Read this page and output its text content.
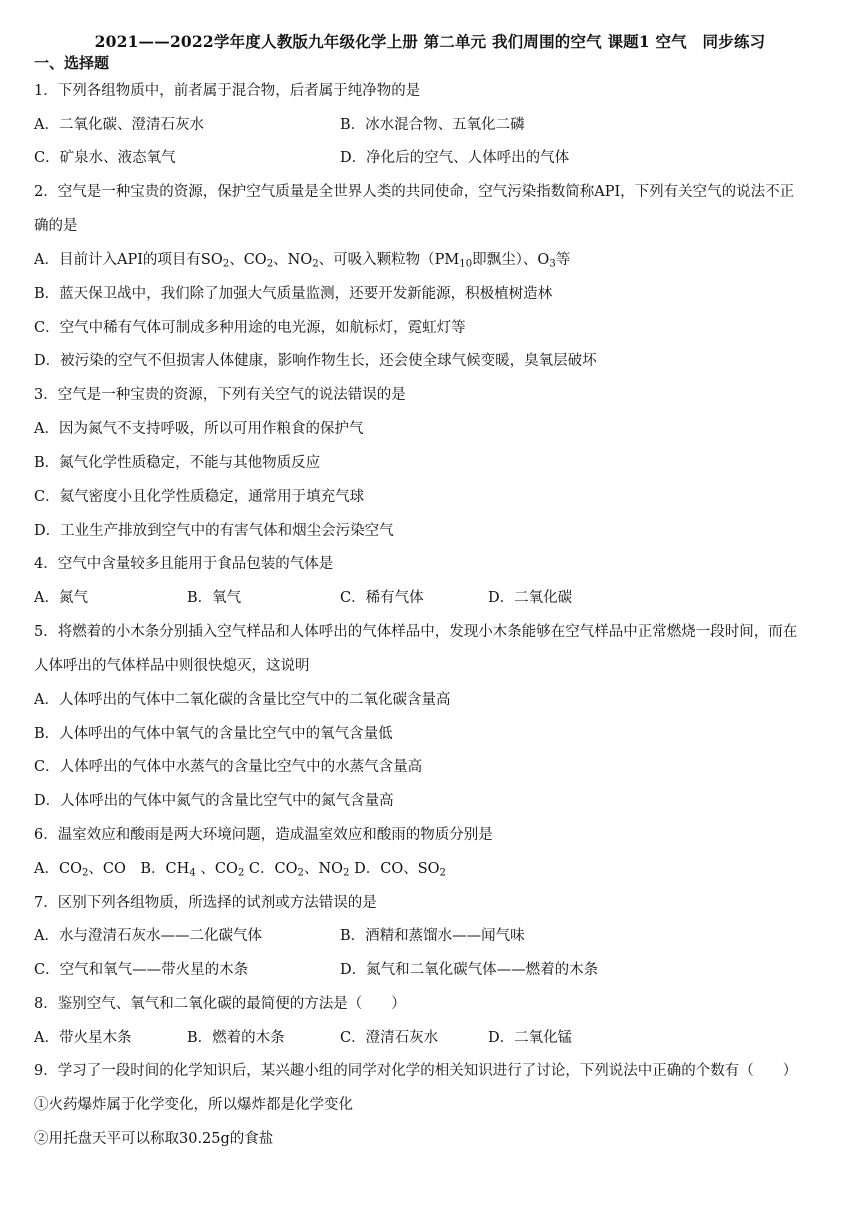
2021——2022学年度人教版九年级化学上册 第二单元 我们周围的空气 课题1 空气　同步练习
一、选择题
1．下列各组物质中，前者属于混合物，后者属于纯净物的是
A．二氧化碳、澄清石灰水	B．冰水混合物、五氧化二磷
C．矿泉水、液态氧气	D．净化后的空气、人体呼出的气体
2．空气是一种宝贵的资源，保护空气质量是全世界人类的共同使命，空气污染指数简称API，下列有关空气的说法不正
确的是
A．目前计入API的项目有$SO_2$、$CO_2$、$NO_2$、可吸入颗粒物（$PM_{10}$即飘尘）、$O_3$等
B．蓝天保卫战中，我们除了加强大气质量监测，还要开发新能源，积极植树造林
C．空气中稀有气体可制成多种用途的电光源，如航标灯，霓虹灯等
D．被污染的空气不但损害人体健康，影响作物生长，还会使全球气候变暖，臭氧层破坏
3．空气是一种宝贵的资源，下列有关空气的说法错误的是
A．因为氮气不支持呼吸，所以可用作粮食的保护气
B．氮气化学性质稳定，不能与其他物质反应
C．氦气密度小且化学性质稳定，通常用于填充气球
D．工业生产排放到空气中的有害气体和烟尘会污染空气
4．空气中含量较多且能用于食品包装的气体是
A．氮气	B．氧气	C．稀有气体	D．二氧化碳
5．将燃着的小木条分别插入空气样品和人体呼出的气体样品中，发现小木条能够在空气样品中正常燃烧一段时间，而在
人体呼出的气体样品中则很快熄灭，这说明
A．人体呼出的气体中二氧化碳的含量比空气中的二氧化碳含量高
B．人体呼出的气体中氧气的含量比空气中的氧气含量低
C．人体呼出的气体中水蒸气的含量比空气中的水蒸气含量高
D．人体呼出的气体中氮气的含量比空气中的氮气含量高
6．温室效应和酸雨是两大环境问题，造成温室效应和酸雨的物质分别是
A．$CO_2$、CO　B．$CH_4$ 、$CO_2$ C．$CO_2$、$NO_2$ D．CO、$SO_2$
7．区别下列各组物质，所选择的试剂或方法错误的是
A．水与澄清石灰水——二化碳气体	B．酒精和蒸馏水——闻气味
C．空气和氧气——带火星的木条	D．氮气和二氧化碳气体——燃着的木条
8．鉴别空气、氧气和二氧化碳的最简便的方法是（　　）
A．带火星木条	B．燃着的木条	C．澄清石灰水	D．二氧化锰
9．学习了一段时间的化学知识后，某兴趣小组的同学对化学的相关知识进行了讨论，下列说法中正确的个数有（　　）
①火药爆炸属于化学变化，所以爆炸都是化学变化
②用托盘天平可以称取30.25g的食盐
